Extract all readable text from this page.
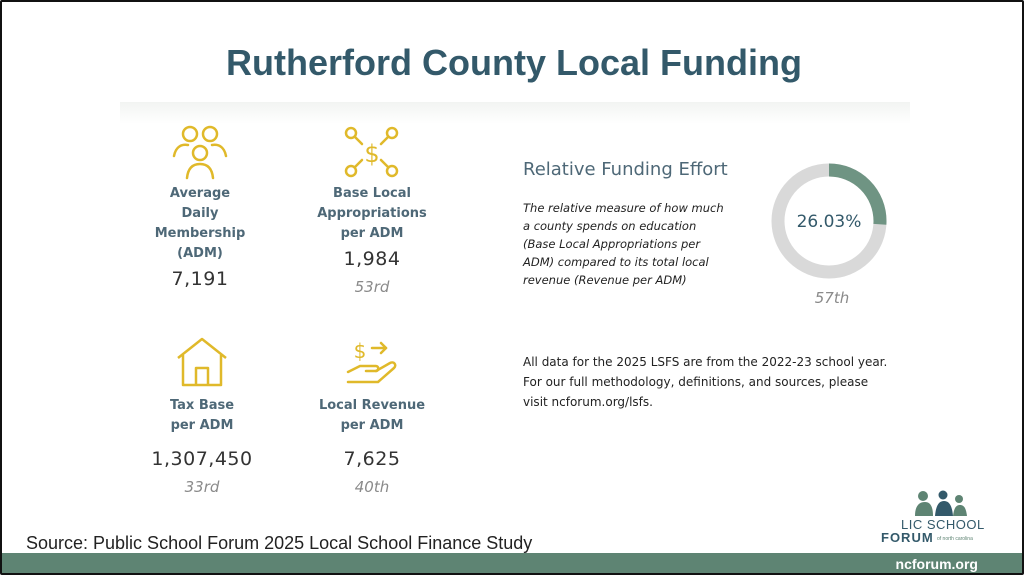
Rutherford County Local Funding
Average Daily
Membership
(ADM)
7,191
$
Base Local
Appropriations
per ADM
1,984
53rd
Tax Base
per ADM
1,307,450
33rd
$
Local Revenue
per ADM
7,625
40th
Relative Funding Effort
The relative measure of how much
a county spends on education
(Base Local Appropriations per
ADM) compared to its total local
revenue (Revenue per ADM)
26.03%
57th
All data for the 2025 LSFS are from the 2022-23 school year.
For our full methodology, definitions, and sources, please
visit ncforum.org/lsfs.
Source: Public School Forum 2025 Local School Finance Study
LIC SCHOOL
FORUM of north carolina
ncforum.org
